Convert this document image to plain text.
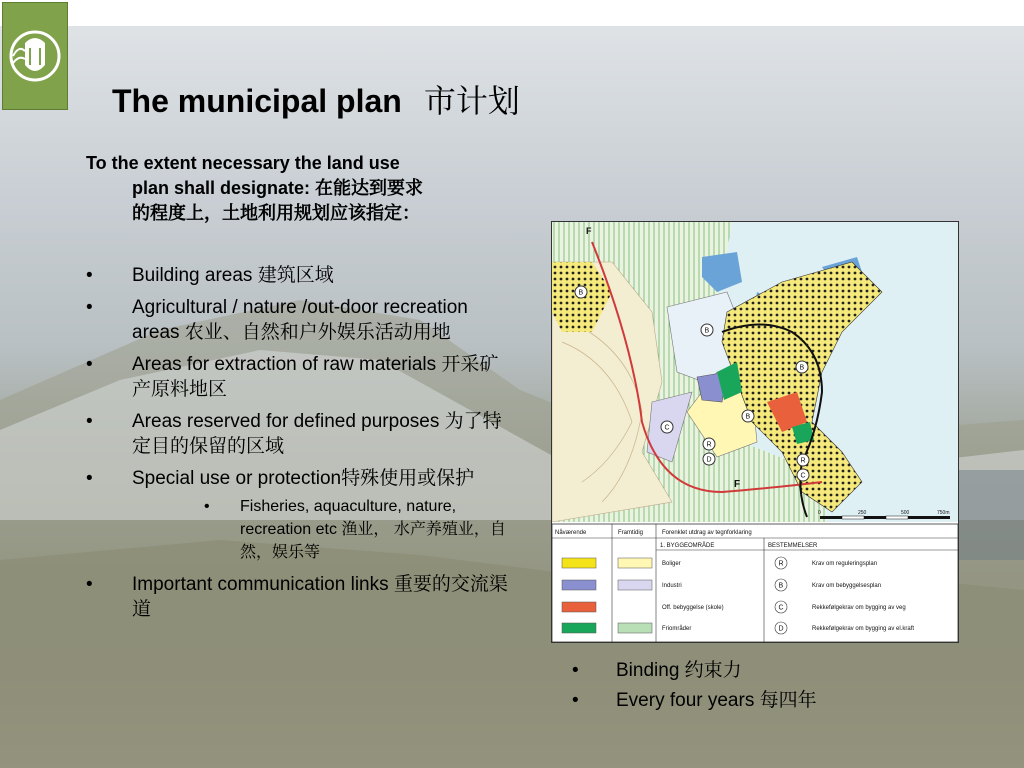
The municipal plan 市计划
To the extent necessary the land use
plan shall designate: 在能达到要求
的程度上，土地利用规划应该指定：
• Building areas 建筑区域
• Agricultural / nature /out-door recreation areas 农业、自然和户外娱乐活动用地
• Areas for extraction of raw materials 开采矿产原料地区
• Areas reserved for defined purposes 为了特定目的保留的区域
• Special use or protection特殊使用或保护
• Fisheries, aquaculture, nature, recreation etc 渔业， 水产养殖业，自然，娱乐等
• Important communication links 重要的交流渠道
F
F
B
B
B
B
R
D	R
C
C
0	250	500	750m
Nåværende	Framtidig	Forenklet utdrag av tegnforklaring
1. BYGGEOMRÅDE	BESTEMMELSER
Boliger	R	Krav om reguleringsplan
Industri	B	Krav om bebyggelsesplan
Off. bebyggelse (skole)	C	Rekkefølgekrav om bygging av veg
Friområder	D	Rekkefølgekrav om bygging av el.kraft
• Binding 约束力
• Every four years 每四年
